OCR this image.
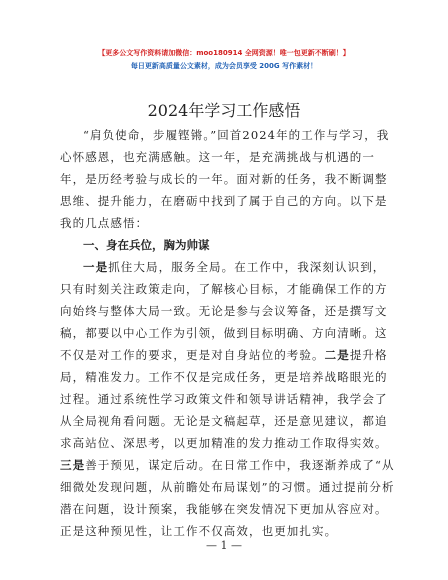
【更多公文写作资料请加微信：moo180914 全网资源！唯一包更新不断刷！】
每日更新高质量公文素材，成为会员享受 200G 写作素材！
2024年学习工作感悟

“肩负使命，步履铿锵。”回首2024年的工作与学习，我心怀感恩，也充满感触。这一年，是充满挑战与机遇的一年，是历经考验与成长的一年。面对新的任务，我不断调整思维、提升能力，在磨砺中找到了属于自己的方向。以下是我的几点感悟：

一、身在兵位，胸为帅谋

一是抓住大局，服务全局。在工作中，我深刻认识到，只有时刻关注政策走向，了解核心目标，才能确保工作的方向始终与整体大局一致。无论是参与会议筹备，还是撰写文稿，都要以中心工作为引领，做到目标明确、方向清晰。这不仅是对工作的要求，更是对自身站位的考验。二是提升格局，精准发力。工作不仅是完成任务，更是培养战略眼光的过程。通过系统性学习政策文件和领导讲话精神，我学会了从全局视角看问题。无论是文稿起草，还是意见建议，都追求高站位、深思考，以更加精准的发力推动工作取得实效。三是善于预见，谋定后动。在日常工作中，我逐渐养成了“从细微处发现问题，从前瞻处布局谋划”的习惯。通过提前分析潜在问题，设计预案，我能够在突发情况下更加从容应对。正是这种预见性，让工作不仅高效，也更加扎实。

— 1 —
